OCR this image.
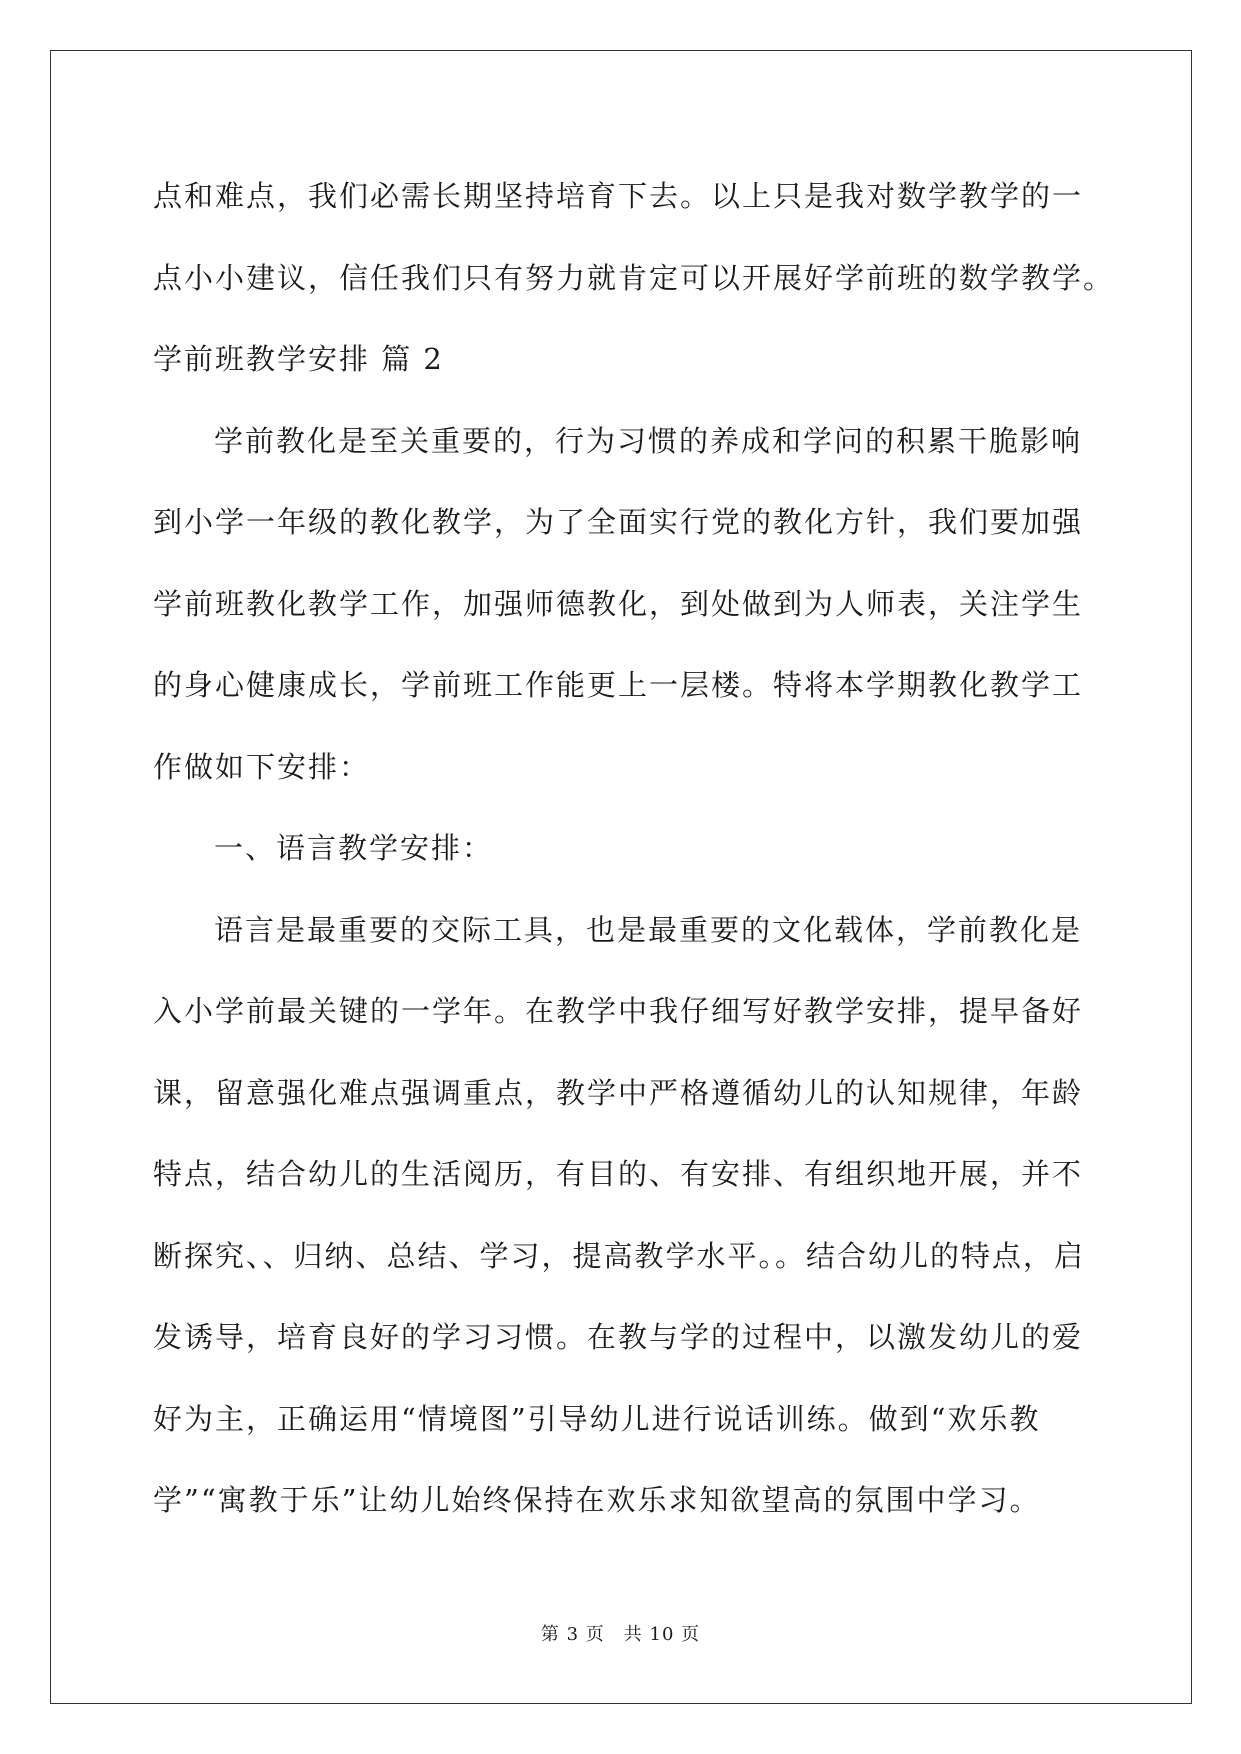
点和难点，我们必需长期坚持培育下去。以上只是我对数学教学的一
点小小建议，信任我们只有努力就肯定可以开展好学前班的数学教学。
学前班教学安排 篇 2
学前教化是至关重要的，行为习惯的养成和学问的积累干脆影响
到小学一年级的教化教学，为了全面实行党的教化方针，我们要加强
学前班教化教学工作，加强师德教化，到处做到为人师表，关注学生
的身心健康成长，学前班工作能更上一层楼。特将本学期教化教学工
作做如下安排：
一、语言教学安排：
语言是最重要的交际工具，也是最重要的文化载体，学前教化是
入小学前最关键的一学年。在教学中我仔细写好教学安排，提早备好
课，留意强化难点强调重点，教学中严格遵循幼儿的认知规律，年龄
特点，结合幼儿的生活阅历，有目的、有安排、有组织地开展，并不
断探究、、归纳、总结、学习，提高教学水平。。结合幼儿的特点，启
发诱导，培育良好的学习习惯。在教与学的过程中，以激发幼儿的爱
好为主，正确运用“情境图”引导幼儿进行说话训练。做到“欢乐教
学”“寓教于乐”让幼儿始终保持在欢乐求知欲望高的氛围中学习。
第 3 页　共 10 页
